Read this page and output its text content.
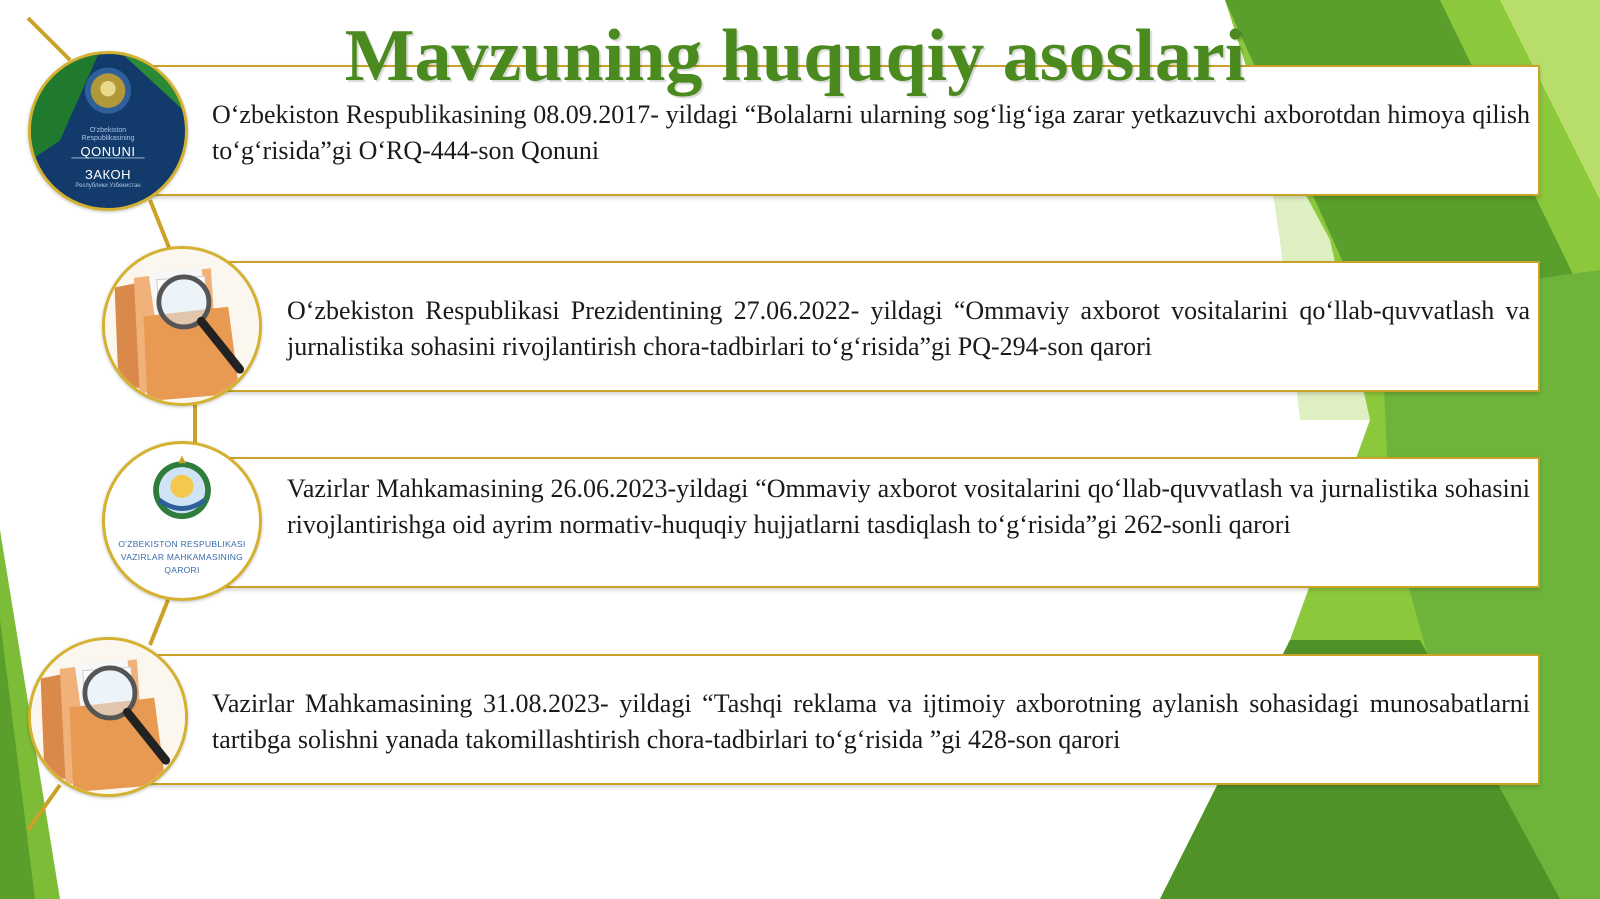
O‘zbekiston Respublikasining 08.09.2017- yildagi “Bolalarni ularning sog‘lig‘iga zarar yetkazuvchi axborotdan himoya qilish to‘g‘risida”gi O‘RQ-444-son Qonuni

O‘zbekiston Respublikasi Prezidentining 27.06.2022- yildagi “Ommaviy axborot vositalarini qo‘llab-quvvatlash va jurnalistika sohasini rivojlantirish chora-tadbirlari to‘g‘risida”gi PQ-294-son qarori

Vazirlar Mahkamasining 26.06.2023-yildagi “Ommaviy axborot vositalarini qo‘llab-quvvatlash va jurnalistika sohasini rivojlantirishga oid ayrim normativ-huquqiy hujjatlarni tasdiqlash to‘g‘risida”gi 262-sonli qarori

Vazirlar Mahkamasining 31.08.2023- yildagi “Tashqi reklama va ijtimoiy axborotning aylanish sohasidagi munosabatlarni tartibga solishni yanada takomillashtirish chora-tadbirlari to‘g‘risida ”gi 428-son qarori

O'zbekiston

Respublikasining

QONUNI

ЗАКОН

Республики Узбекистан

O'ZBEKISTON RESPUBLIKASI

VAZIRLAR MAHKAMASINING

QARORI

Mavzuning huquqiy asoslari
